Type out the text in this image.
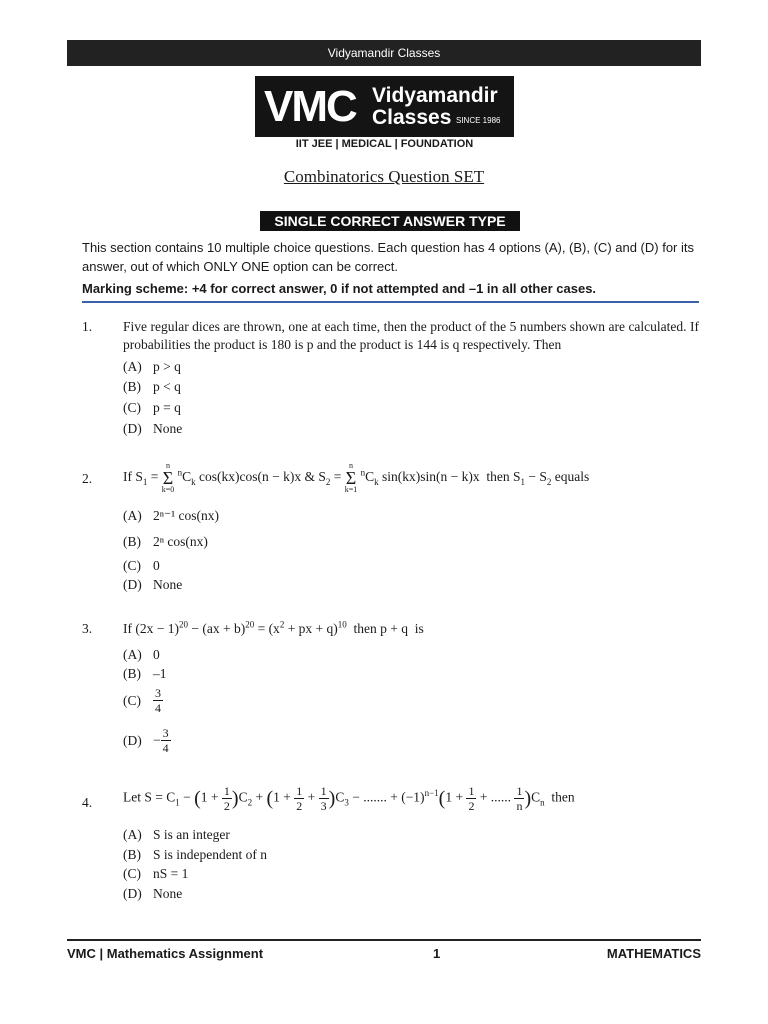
Vidyamandir Classes
VMC Vidyamandir
Classes SINCE 1986
IIT JEE | MEDICAL | FOUNDATION
Combinatorics Question SET
SINGLE CORRECT ANSWER TYPE
This section contains 10 multiple choice questions. Each question has 4 options (A), (B), (C) and (D) for its answer, out of which ONLY ONE option can be correct.
Marking scheme: +4 for correct answer, 0 if not attempted and –1 in all other cases.
1. Five regular dices are thrown, one at each time, then the product of the 5 numbers shown are calculated. If probabilities the product is 180 is p and the product is 144 is q respectively. Then
(A) p > q
(B) p < q
(C) p = q
(D) None
2. If $S_1 = n$
Σ
k=0 $^nC_k$ cos(kx)cos(n − k)x & $S_2 = n$
Σ
k=1 $^nC_k$ sin(kx)sin(n − k)x  then $S_1 - S_2$ equals
(A) 2ⁿ⁻¹ cos(nx)
(B) 2ⁿ cos(nx)
(C) 0
(D) None
3. If $(2x - 1)^{20} - (ax + b)^{20} = (x^2$ + px + q)$^{10}$  then p + q  is
(A) 0
(B) –1
$(C) \frac{3}{4}$
$(D) - \frac{3}{4}$
4. Let $S = C_1 - (1 + \frac{1}{2} )C_2 + (1 + \frac{1}{2} + \frac{1}{3} )C_3$ − ....... + $(-1)^{n-1}(1 + \frac{1}{2}$ + ...... $\frac{1}{n} )C_n$  then
(A) S is an integer
(B) S is independent of n
(C) nS = 1
(D) None
VMC | Mathematics Assignment	1	MATHEMATICS
